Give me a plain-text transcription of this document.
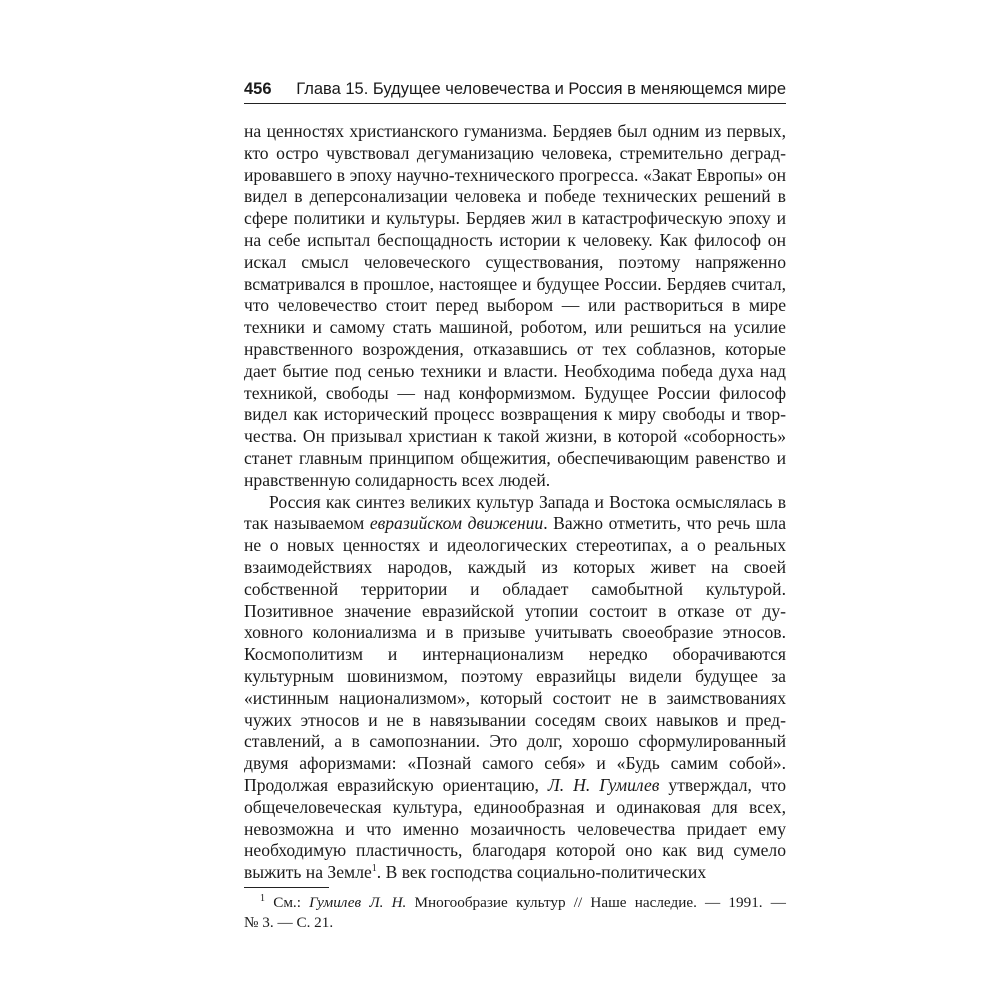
456 Глава 15. Будущее человечества и Россия в меняющемся мире

на ценностях христианского гуманизма. Бердяев был одним из первых, кто остро чувствовал дегуманизацию человека, стремительно деградировавшего в эпоху научно-технического прогресса. «Закат Европы» он видел в деперсонализации человека и победе технических решений в сфере политики и культуры. Бердяев жил в катастрофическую эпоху и на себе испытал беспощадность истории к человеку. Как философ он искал смысл человеческого существования, поэтому напряженно всматривался в прошлое, настоящее и будущее России. Бердяев считал, что человечество стоит перед выбором — или раствориться в мире техники и самому стать машиной, роботом, или решиться на усилие нравственного возрождения, отказавшись от тех соблазнов, которые дает бытие под сенью техники и власти. Необходима победа духа над техникой, свободы — над конформизмом. Будущее России философ видел как исторический процесс возвращения к миру свободы и творчества. Он призывал христиан к такой жизни, в которой «соборность» станет главным принципом общежития, обеспечивающим равенство и нравственную солидарность всех людей.

Россия как синтез великих культур Запада и Востока осмыслялась в так называемом евразийском движении. Важно отметить, что речь шла не о новых ценностях и идеологических стереотипах, а о реальных взаимодействиях народов, каждый из которых живет на своей собственной территории и обладает самобытной культурой. Позитивное значение евразийской утопии состоит в отказе от духовного колониализма и в призыве учитывать своеобразие этносов. Космополитизм и интернационализм нередко оборачиваются культурным шовинизмом, поэтому евразийцы видели будущее за «истинным национализмом», который состоит не в заимствованиях чужих этносов и не в навязывании соседям своих навыков и представлений, а в самопознании. Это долг, хорошо сформулированный двумя афоризмами: «Познай самого себя» и «Будь самим собой». Продолжая евразийскую ориентацию, Л. Н. Гумилев утверждал, что общечеловеческая культура, единообразная и одинаковая для всех, невозможна и что именно мозаичность человечества придает ему необходимую пластичность, благодаря которой оно как вид сумело выжить на Земле$^1$. В век господства социально-политических

$^1$ См.: Гумилев Л. Н. Многообразие культур // Наше наследие. — 1991. —
№ 3. — С. 21.
